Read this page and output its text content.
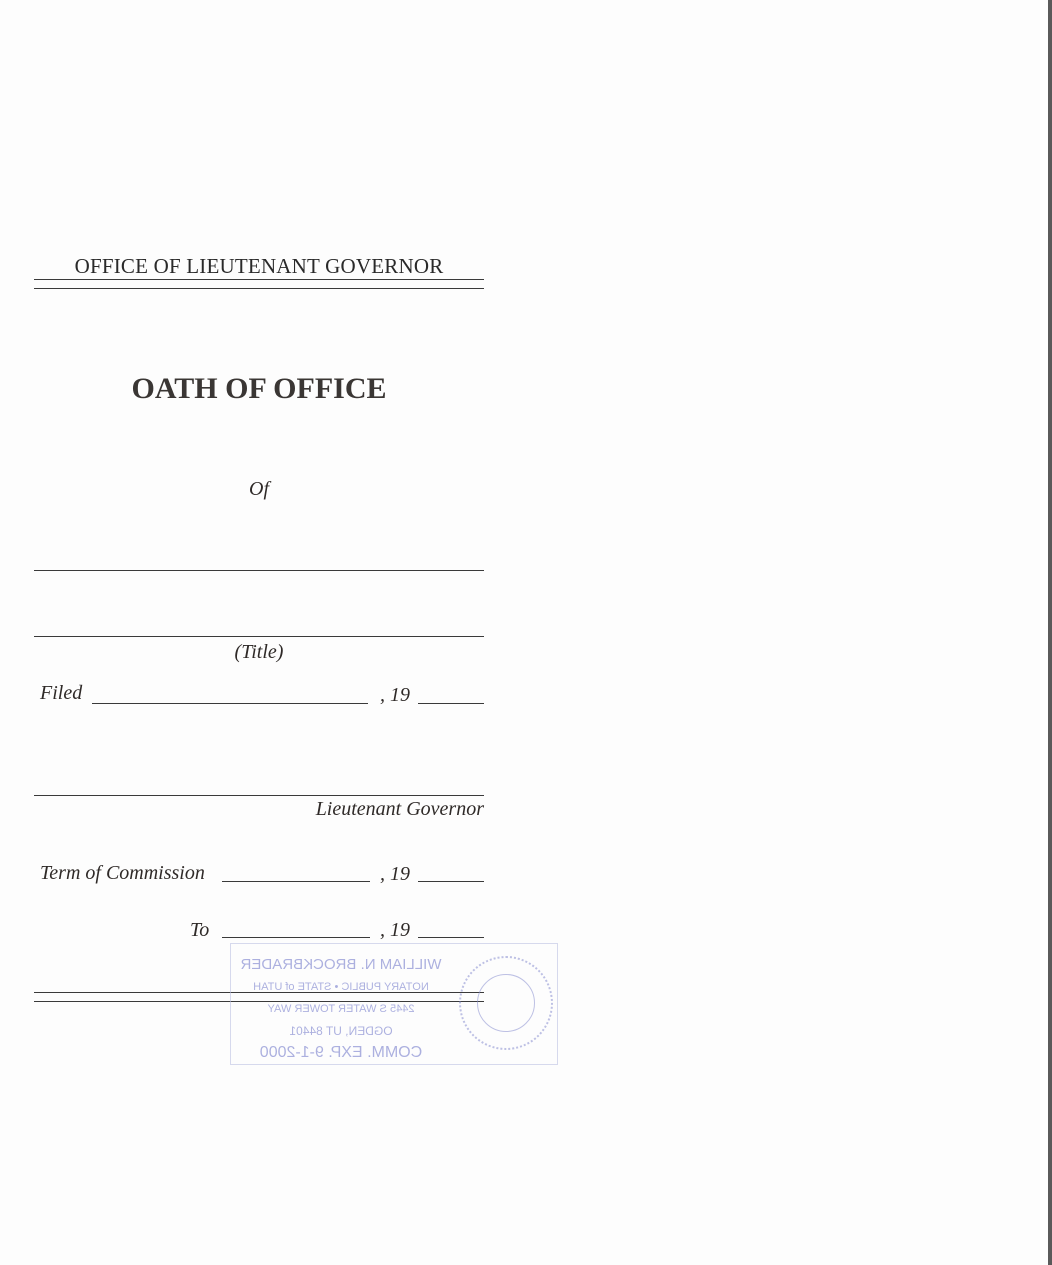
OFFICE OF LIEUTENANT GOVERNOR
OATH OF OFFICE
Of
(Title)
Filed	, 19
Lieutenant Governor
Term of Commission	, 19
To	, 19
WILLIAM N. BROCKBRADER
NOTARY PUBLIC • STATE of UTAH
2445 S WATER TOWER WAY
OGDEN, UT 84401
COMM. EXP. 9-1-2000
